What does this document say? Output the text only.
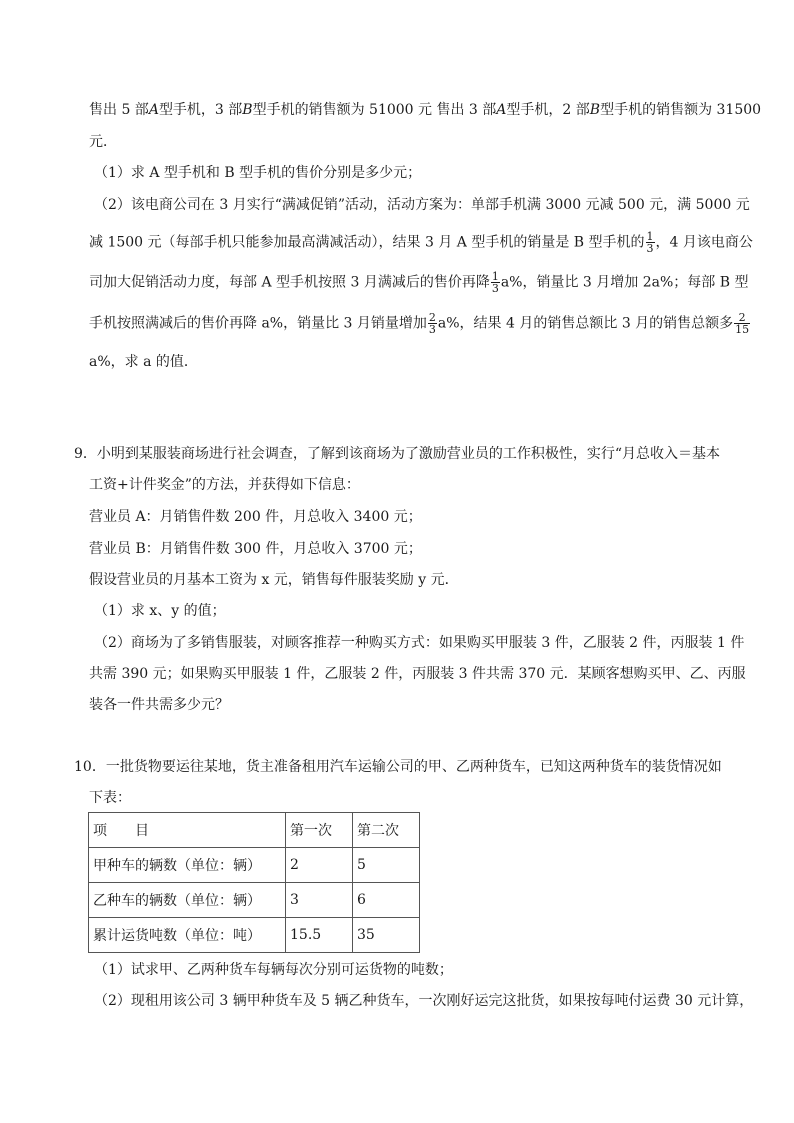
售出 5 部A型手机，3 部B型手机的销售额为 51000 元 售出 3 部A型手机，2 部B型手机的销售额为 31500
元．
（1）求 A 型手机和 B 型手机的售价分别是多少元；
（2）该电商公司在 3 月实行“满减促销”活动，活动方案为：单部手机满 3000 元减 500 元，满 5000 元
减 1500 元（每部手机只能参加最高满减活动），结果 3 月 A 型手机的销量是 B 型手机的 $\frac{1}{3}$ ，4 月该电商公
司加大促销活动力度，每部 A 型手机按照 3 月满减后的售价再降 $\frac{1}{3} a\%$，销量比 3 月增加 2a%；每部 B 型
手机按照满减后的售价再降 a%，销量比 3 月销量增加 $\frac{2}{3} a\%$，结果 4 月的销售总额比 3 月的销售总额多 $\frac{2}{15}$
a%，求 a 的值．
9．小明到某服装商场进行社会调查，了解到该商场为了激励营业员的工作积极性，实行“月总收入＝基本
工资+计件奖金”的方法，并获得如下信息：
营业员 A：月销售件数 200 件，月总收入 3400 元；
营业员 B：月销售件数 300 件，月总收入 3700 元；
假设营业员的月基本工资为 x 元，销售每件服装奖励 y 元．
（1）求 x、y 的值；
（2）商场为了多销售服装，对顾客推荐一种购买方式：如果购买甲服装 3 件，乙服装 2 件，丙服装 1 件
共需 390 元；如果购买甲服装 1 件，乙服装 2 件，丙服装 3 件共需 370 元．某顾客想购买甲、乙、丙服
装各一件共需多少元？
10．一批货物要运往某地，货主准备租用汽车运输公司的甲、乙两种货车，已知这两种货车的装货情况如
下表：
项　　目	第一次	第二次
甲种车的辆数（单位：辆）	2	5
乙种车的辆数（单位：辆）	3	6
累计运货吨数（单位：吨）	15.5	35
（1）试求甲、乙两种货车每辆每次分别可运货物的吨数；
（2）现租用该公司 3 辆甲种货车及 5 辆乙种货车，一次刚好运完这批货，如果按每吨付运费 30 元计算，
